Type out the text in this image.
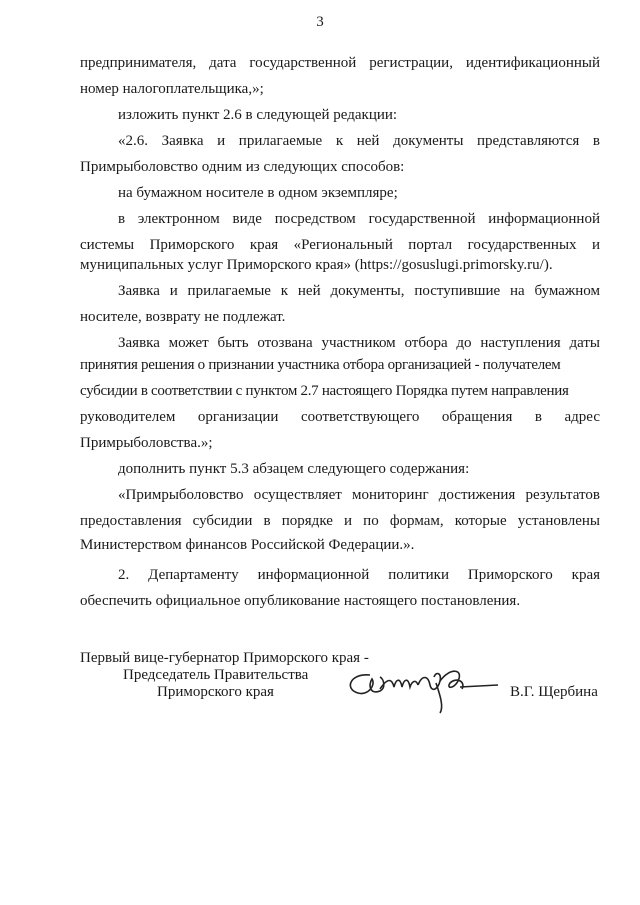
3
предпринимателя, дата государственной регистрации, идентификационный
номер налогоплательщика,»;
изложить пункт 2.6 в следующей редакции:
«2.6. Заявка и прилагаемые к ней документы представляются в
Примрыболовство одним из следующих способов:
на бумажном носителе в одном экземпляре;
в электронном виде посредством государственной информационной
системы Приморского края «Региональный портал государственных и
муниципальных услуг Приморского края» (https://gosuslugi.primorsky.ru/).
Заявка и прилагаемые к ней документы, поступившие на бумажном
носителе, возврату не подлежат.
Заявка может быть отозвана участником отбора до наступления даты
принятия решения о признании участника отбора организацией - получателем
субсидии в соответствии с пунктом 2.7 настоящего Порядка путем направления
руководителем организации соответствующего обращения в адрес
Примрыболовства.»;
дополнить пункт 5.3 абзацем следующего содержания:
«Примрыболовство осуществляет мониторинг достижения результатов
предоставления субсидии в порядке и по формам, которые установлены
Министерством финансов Российской Федерации.».
2. Департаменту информационной политики Приморского края
обеспечить официальное опубликование настоящего постановления.
Первый вице-губернатор Приморского края -
Председатель Правительства
Приморского края	В.Г. Щербина
